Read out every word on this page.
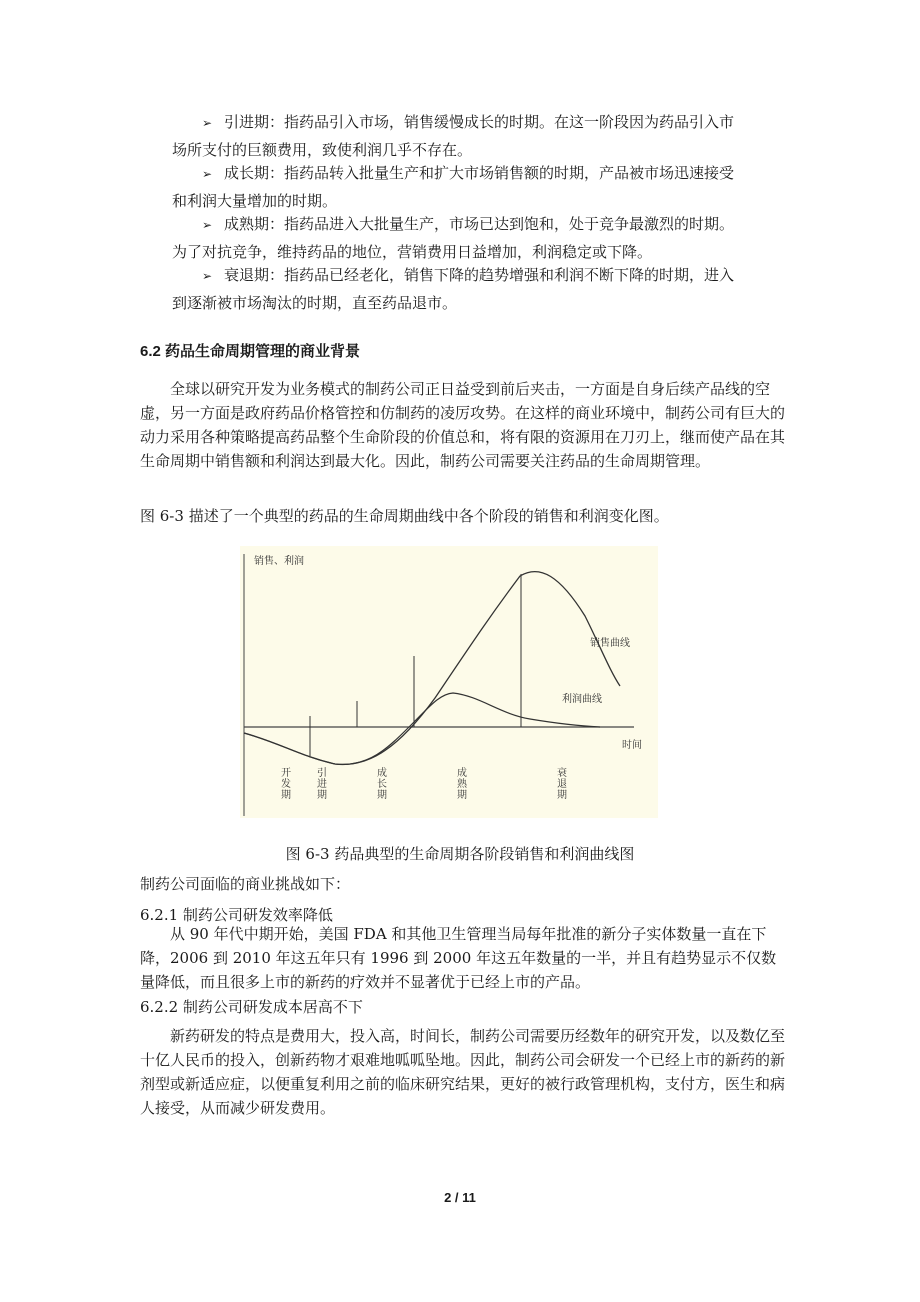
➢ 引进期：指药品引入市场，销售缓慢成长的时期。在这一阶段因为药品引入市
场所支付的巨额费用，致使利润几乎不存在。
➢ 成长期：指药品转入批量生产和扩大市场销售额的时期，产品被市场迅速接受
和利润大量增加的时期。
➢ 成熟期：指药品进入大批量生产，市场已达到饱和，处于竞争最激烈的时期。
为了对抗竞争，维持药品的地位，营销费用日益增加，利润稳定或下降。
➢ 衰退期：指药品已经老化，销售下降的趋势增强和利润不断下降的时期，进入
到逐渐被市场淘汰的时期，直至药品退市。
6.2 药品生命周期管理的商业背景
全球以研究开发为业务模式的制药公司正日益受到前后夹击，一方面是自身后续产品线的空虚，另一方面是政府药品价格管控和仿制药的凌厉攻势。在这样的商业环境中，制药公司有巨大的动力采用各种策略提高药品整个生命阶段的价值总和，将有限的资源用在刀刃上，继而使产品在其生命周期中销售额和利润达到最大化。因此，制药公司需要关注药品的生命周期管理。
图 6-3 描述了一个典型的药品的生命周期曲线中各个阶段的销售和利润变化图。
销售、利润
时间
销售曲线
利润曲线
开发期
引进期
成长期
成熟期
衰退期
图 6-3 药品典型的生命周期各阶段销售和利润曲线图
制药公司面临的商业挑战如下：
6.2.1 制药公司研发效率降低
从 90 年代中期开始，美国 FDA 和其他卫生管理当局每年批准的新分子实体数量一直在下降，2006 到 2010 年这五年只有 1996 到 2000 年这五年数量的一半，并且有趋势显示不仅数量降低，而且很多上市的新药的疗效并不显著优于已经上市的产品。
6.2.2 制药公司研发成本居高不下
新药研发的特点是费用大，投入高，时间长，制药公司需要历经数年的研究开发，以及数亿至十亿人民币的投入，创新药物才艰难地呱呱坠地。因此，制药公司会研发一个已经上市的新药的新剂型或新适应症，以便重复利用之前的临床研究结果，更好的被行政管理机构，支付方，医生和病人接受，从而减少研发费用。
2 / 11
